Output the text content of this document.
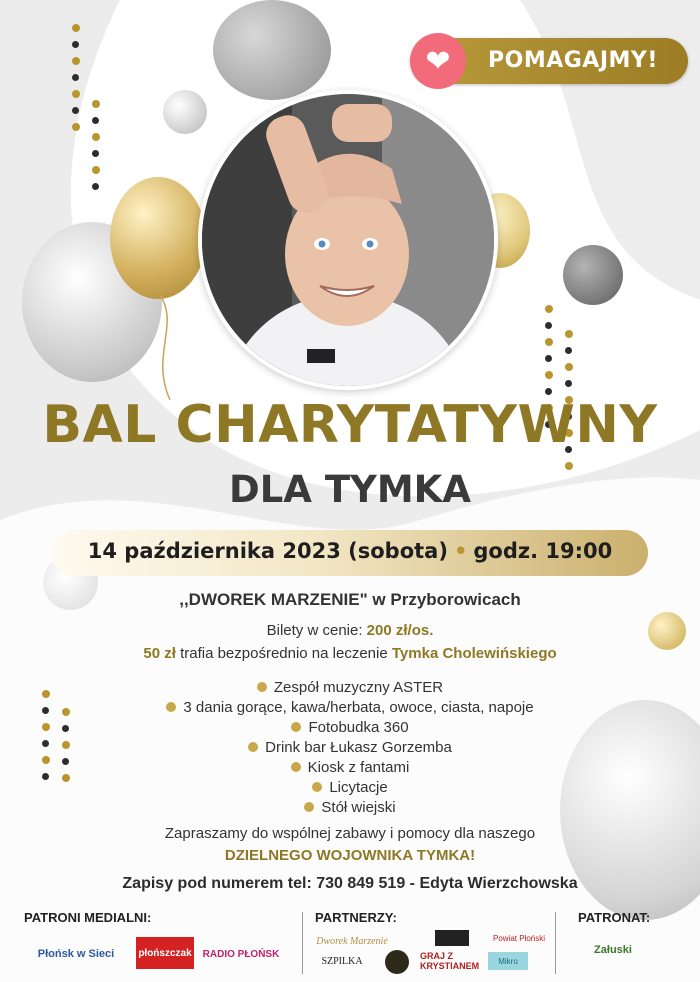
❤	POMAGAJMY!
BAL CHARYTATYWNY
DLA TYMKA
14 października 2023 (sobota) • godz. 19:00
,,DWOREK MARZENIE" w Przyborowicach
Bilety w cenie: 200 zł/os.
50 zł trafia bezpośrednio na leczenie Tymka Cholewińskiego
Zespół muzyczny ASTER
3 dania gorące, kawa/herbata, owoce, ciasta, napoje
Fotobudka 360
Drink bar Łukasz Gorzemba
Kiosk z fantami
Licytacje
Stół wiejski
Zapraszamy do wspólnej zabawy i pomocy dla naszego
DZIELNEGO WOJOWNIKA TYMKA!
Zapisy pod numerem tel: 730 849 519 - Edyta Wierzchowska
PATRONI MEDIALNI:	PARTNERZY:	PATRONAT:
Płońsk w Sieci płońszczak RADIO PŁOŃSK
Dworek Marzenie	Powiat Płoński
SZPILKA	GRAJ Z KRYSTIANEM Mikro
Załuski
